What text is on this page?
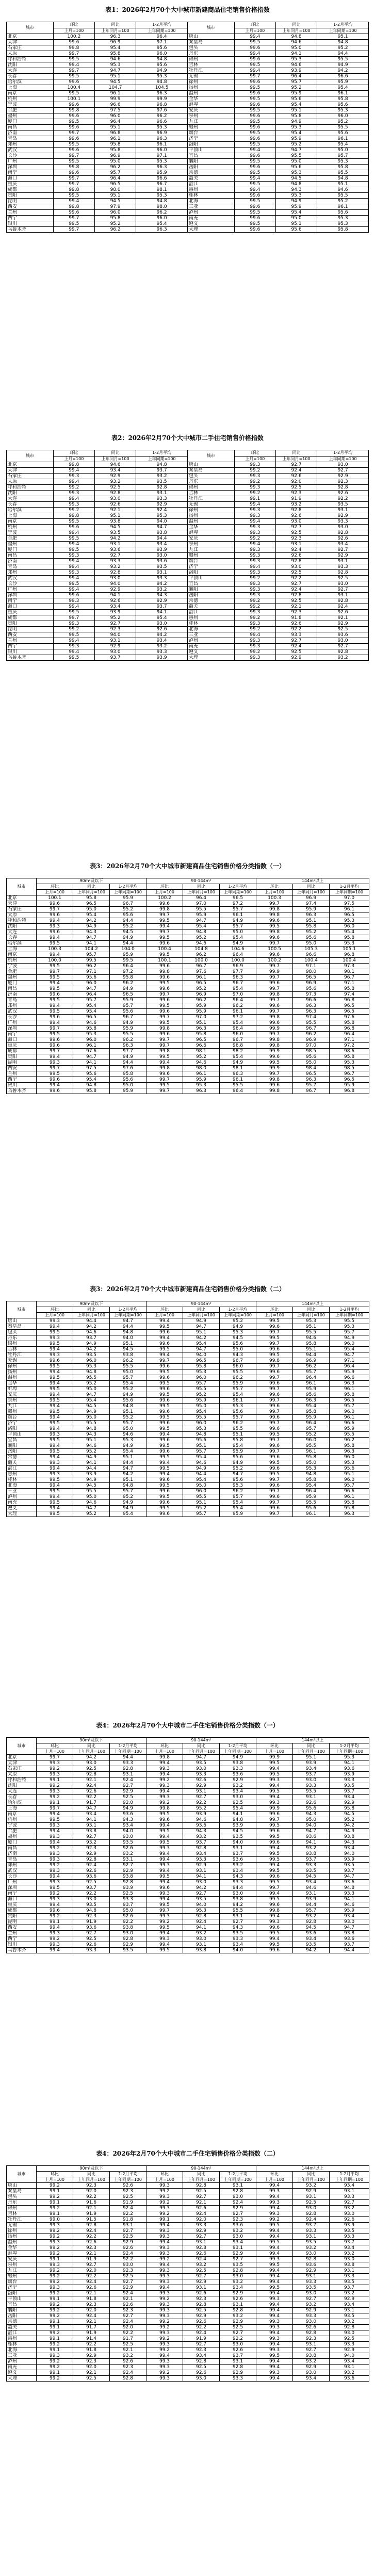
表1：2026年2月70个大中城市新建商品住宅销售价格指数
城市	环比	同比	1-2月平均	城市	环比	同比	1-2月平均
	上月=100	上年同月=100	上年同期=100		上月=100	上年同月=100	上年同期=100
北京	100.2	96.3	96.4	唐山	99.4	94.8	95.1
天津	99.6	96.9	97.1	秦皇岛	99.5	94.6	94.8
石家庄	99.8	95.4	95.6	包头	99.6	95.0	95.2
太原	99.7	95.8	96.0	丹东	99.4	94.1	94.4
呼和浩特	99.5	94.6	94.8	锦州	99.6	95.3	95.5
沈阳	99.4	95.3	95.6	吉林	99.5	94.6	94.9
大连	99.7	94.7	94.9	牡丹江	99.4	93.9	94.2
长春	99.5	95.1	95.3	无锡	99.7	96.4	96.6
哈尔滨	99.6	94.5	94.8	徐州	99.6	95.7	95.9
上海	100.4	104.7	104.5	扬州	99.5	95.2	95.4
南京	99.5	96.1	96.3	温州	99.6	95.9	96.1
杭州	100.1	99.9	99.9	金华	99.5	95.6	95.8
宁波	99.6	96.6	96.8	蚌埠	99.6	95.4	95.6
合肥	99.8	97.5	97.6	安庆	99.5	95.1	95.3
福州	99.6	96.0	96.2	泉州	99.6	95.8	96.0
厦门	99.5	96.4	96.6	九江	99.5	94.9	95.2
南昌	99.6	95.1	95.3	赣州	99.6	95.3	95.5
济南	99.7	96.8	96.9	烟台	99.5	95.4	95.6
青岛	99.6	96.1	96.3	济宁	99.6	95.9	96.1
郑州	99.5	95.8	96.1	洛阳	99.5	95.2	95.4
武汉	99.6	95.8	96.0	平顶山	99.4	94.7	95.0
长沙	99.7	96.9	97.1	宜昌	99.6	95.5	95.7
广州	99.5	95.0	95.3	襄阳	99.5	95.0	95.3
深圳	99.8	96.2	96.3	岳阳	99.6	95.6	95.8
南宁	99.6	95.7	95.9	常德	99.5	95.3	95.5
海口	99.7	96.4	96.6	韶关	99.4	94.5	94.8
重庆	99.7	96.5	96.7	湛江	99.5	94.8	95.1
成都	99.8	98.0	98.1	惠州	99.4	94.3	94.6
贵阳	99.5	95.1	95.3	桂林	99.6	95.3	95.5
昆明	99.4	94.5	94.8	北海	99.5	94.9	95.2
西安	99.8	97.9	98.0	三亚	99.6	95.9	96.1
兰州	99.6	96.0	96.2	泸州	99.5	95.4	95.6
西宁	99.7	95.8	96.0	南充	99.6	95.0	95.3
银川	99.5	95.2	95.4	遵义	99.5	95.1	95.3
乌鲁木齐	99.7	96.2	96.3	大理	99.6	95.6	95.8
表2：2026年2月70个大中城市二手住宅销售价格指数
城市	环比	同比	1-2月平均	城市	环比	同比	1-2月平均
	上月=100	上年同月=100	上年同期=100		上月=100	上年同月=100	上年同期=100
北京	99.8	94.6	94.8	唐山	99.3	92.7	93.0
天津	99.4	93.4	93.7	秦皇岛	99.2	92.4	92.7
石家庄	99.3	92.9	93.2	包头	99.3	92.6	92.9
太原	99.4	93.2	93.5	丹东	99.2	92.0	92.3
呼和浩特	99.2	92.5	92.8	锦州	99.3	92.5	92.8
沈阳	99.3	92.8	93.1	吉林	99.2	92.3	92.6
大连	99.4	93.0	93.3	牡丹江	99.1	91.9	92.2
长春	99.3	92.6	92.9	无锡	99.4	93.2	93.5
哈尔滨	99.2	92.1	92.4	徐州	99.3	92.8	93.1
上海	99.8	95.1	95.3	扬州	99.3	92.6	92.9
南京	99.5	93.8	94.0	温州	99.4	93.0	93.3
杭州	99.6	94.5	94.7	金华	99.3	92.7	93.0
宁波	99.4	93.5	93.8	蚌埠	99.3	92.5	92.8
合肥	99.5	94.2	94.4	安庆	99.2	92.3	92.6
福州	99.4	93.1	93.4	泉州	99.4	93.1	93.4
厦门	99.5	93.6	93.9	九江	99.3	92.4	92.7
南昌	99.3	92.7	93.0	赣州	99.3	92.6	92.9
济南	99.4	93.3	93.6	烟台	99.3	92.8	93.1
青岛	99.4	93.2	93.5	济宁	99.4	93.0	93.3
郑州	99.3	92.8	93.1	洛阳	99.3	92.5	92.8
武汉	99.4	93.0	93.3	平顶山	99.2	92.2	92.5
长沙	99.5	94.0	94.2	宜昌	99.3	92.7	93.0
广州	99.4	92.9	93.2	襄阳	99.3	92.4	92.7
深圳	99.6	94.1	94.3	岳阳	99.3	92.8	93.1
南宁	99.3	92.6	92.9	常德	99.2	92.5	92.8
海口	99.4	93.4	93.7	韶关	99.2	92.1	92.4
重庆	99.5	93.9	94.1	湛江	99.3	92.3	92.6
成都	99.7	95.2	95.4	惠州	99.2	91.8	92.1
贵阳	99.3	92.7	93.0	桂林	99.3	92.6	92.9
昆明	99.2	92.3	92.6	北海	99.2	92.2	92.5
西安	99.5	94.0	94.2	三亚	99.4	93.3	93.6
兰州	99.4	93.1	93.4	泸州	99.3	92.7	93.0
西宁	99.3	92.9	93.2	南充	99.3	92.4	92.7
银川	99.4	93.0	93.3	遵义	99.2	92.5	92.8
乌鲁木齐	99.5	93.7	93.9	大理	99.3	92.9	93.2
表3：2026年2月70个大中城市新建商品住宅销售价格分类指数（一）
城市	90m²及以下			90-144m²			144m²以上		
	环比	同比	1-2月平均	环比	同比	1-2月平均	环比	同比	1-2月平均
	上月=100	上年同月=100	上年同期=100	上月=100	上年同月=100	上年同期=100	上月=100	上年同月=100	上年同期=100
北京	100.1	95.8	95.9	100.2	96.4	96.5	100.3	96.9	97.0
天津	99.6	96.5	96.7	99.6	97.0	97.2	99.7	97.4	97.5
石家庄	99.7	95.0	95.2	99.8	95.5	95.7	99.8	95.9	96.1
太原	99.6	95.4	95.6	99.7	95.9	96.1	99.8	96.3	96.5
呼和浩特	99.4	94.2	94.4	99.5	94.7	94.9	99.6	95.1	95.3
沈阳	99.3	94.9	95.2	99.4	95.4	95.7	99.5	95.8	96.0
大连	99.6	94.3	94.5	99.7	94.8	95.0	99.8	95.2	95.4
长春	99.4	94.7	94.9	99.5	95.2	95.4	99.6	95.6	95.8
哈尔滨	99.5	94.1	94.4	99.6	94.6	94.9	99.7	95.0	95.3
上海	100.3	104.2	104.0	100.4	104.8	104.6	100.5	105.3	105.1
南京	99.4	95.7	95.9	99.5	96.2	96.4	99.6	96.6	96.8
杭州	100.0	99.5	99.5	100.1	100.0	100.0	100.2	100.4	100.4
宁波	99.5	96.2	96.4	99.6	96.7	96.9	99.7	97.1	97.3
合肥	99.7	97.1	97.2	99.8	97.6	97.7	99.9	98.0	98.1
福州	99.5	95.6	95.8	99.6	96.1	96.3	99.7	96.5	96.7
厦门	99.4	96.0	96.2	99.5	96.5	96.7	99.6	96.9	97.1
南昌	99.5	94.7	94.9	99.6	95.2	95.4	99.7	95.6	95.8
济南	99.6	96.4	96.5	99.7	96.9	97.0	99.8	97.3	97.4
青岛	99.5	95.7	95.9	99.6	96.2	96.4	99.7	96.6	96.8
郑州	99.4	95.4	95.7	99.5	95.9	96.2	99.6	96.3	96.5
武汉	99.5	95.4	95.6	99.6	95.9	96.1	99.7	96.3	96.5
长沙	99.6	96.5	96.7	99.7	97.0	97.2	99.8	97.4	97.6
广州	99.4	94.6	94.9	99.5	95.1	95.4	99.6	95.5	95.8
深圳	99.7	95.8	95.9	99.8	96.3	96.4	99.9	96.7	96.8
南宁	99.5	95.3	95.5	99.6	95.8	96.0	99.7	96.2	96.4
海口	99.6	96.0	96.2	99.7	96.5	96.7	99.8	96.9	97.1
重庆	99.6	96.1	96.3	99.7	96.6	96.8	99.8	97.0	97.2
成都	99.7	97.6	97.7	99.8	98.1	98.2	99.9	98.5	98.6
贵阳	99.4	94.7	94.9	99.5	95.2	95.4	99.6	95.6	95.8
昆明	99.3	94.1	94.4	99.4	94.6	94.9	99.5	95.0	95.3
西安	99.7	97.5	97.6	99.8	98.0	98.1	99.9	98.4	98.5
兰州	99.5	95.6	95.8	99.6	96.1	96.3	99.7	96.5	96.7
西宁	99.6	95.4	95.6	99.7	95.9	96.1	99.8	96.3	96.5
银川	99.4	94.8	95.0	99.5	95.3	95.5	99.6	95.7	95.9
乌鲁木齐	99.6	95.8	95.9	99.7	96.3	96.4	99.8	96.7	96.8
表3：2026年2月70个大中城市新建商品住宅销售价格分类指数（二）
城市	90m²及以下			90-144m²			144m²以上		
	环比	同比	1-2月平均	环比	同比	1-2月平均	环比	同比	1-2月平均
	上月=100	上年同月=100	上年同期=100	上月=100	上年同月=100	上年同期=100	上月=100	上年同月=100	上年同期=100
唐山	99.3	94.4	94.7	99.4	94.9	95.2	99.5	95.3	95.5
秦皇岛	99.4	94.2	94.4	99.5	94.7	94.9	99.6	95.1	95.3
包头	99.5	94.6	94.8	99.6	95.1	95.3	99.7	95.5	95.7
丹东	99.3	93.7	94.0	99.4	94.2	94.5	99.5	94.6	94.9
锦州	99.5	94.9	95.1	99.6	95.4	95.6	99.7	95.8	96.0
吉林	99.4	94.2	94.5	99.5	94.7	95.0	99.6	95.1	95.4
牡丹江	99.3	93.5	93.8	99.4	94.0	94.3	99.5	94.4	94.7
无锡	99.6	96.0	96.2	99.7	96.5	96.7	99.8	96.9	97.1
徐州	99.5	95.3	95.5	99.6	95.8	96.0	99.7	96.2	96.4
扬州	99.4	94.8	95.0	99.5	95.3	95.5	99.6	95.7	95.9
温州	99.5	95.5	95.7	99.6	96.0	96.2	99.7	96.4	96.6
金华	99.4	95.2	95.4	99.5	95.7	95.9	99.6	96.1	96.3
蚌埠	99.5	95.0	95.2	99.6	95.5	95.7	99.7	95.9	96.1
安庆	99.4	94.7	94.9	99.5	95.2	95.4	99.6	95.6	95.8
泉州	99.5	95.4	95.6	99.6	95.9	96.1	99.7	96.3	96.5
九江	99.4	94.5	94.8	99.5	95.0	95.3	99.6	95.4	95.7
赣州	99.5	94.9	95.1	99.6	95.4	95.6	99.7	95.8	96.0
烟台	99.4	95.0	95.2	99.5	95.5	95.7	99.6	95.9	96.1
济宁	99.5	95.5	95.7	99.6	96.0	96.2	99.7	96.4	96.6
洛阳	99.4	94.8	95.0	99.5	95.3	95.5	99.6	95.7	95.9
平顶山	99.3	94.3	94.6	99.4	94.8	95.1	99.5	95.2	95.5
宜昌	99.5	95.1	95.3	99.6	95.6	95.8	99.7	96.0	96.2
襄阳	99.4	94.6	94.9	99.5	95.1	95.4	99.6	95.5	95.8
岳阳	99.5	95.2	95.4	99.6	95.7	95.9	99.7	96.1	96.3
常德	99.4	94.9	95.1	99.5	95.4	95.6	99.6	95.8	96.0
韶关	99.3	94.1	94.4	99.4	94.6	94.9	99.5	95.0	95.3
湛江	99.4	94.4	94.7	99.5	94.9	95.2	99.6	95.3	95.6
惠州	99.3	93.9	94.2	99.4	94.4	94.7	99.5	94.8	95.1
桂林	99.5	94.9	95.1	99.6	95.4	95.6	99.7	95.8	96.0
北海	99.4	94.5	94.8	99.5	95.0	95.3	99.6	95.4	95.7
三亚	99.5	95.5	95.7	99.6	96.0	96.2	99.7	96.4	96.6
泸州	99.4	95.0	95.2	99.5	95.5	95.7	99.6	95.9	96.1
南充	99.5	94.6	94.9	99.6	95.1	95.4	99.7	95.5	95.8
遵义	99.4	94.7	94.9	99.5	95.2	95.4	99.6	95.6	95.8
大理	99.5	95.2	95.4	99.6	95.7	95.9	99.7	96.1	96.3
表4：2026年2月70个大中城市二手住宅销售价格分类指数（一）
城市	90m²及以下			90-144m²			144m²以上		
	环比	同比	1-2月平均	环比	同比	1-2月平均	环比	同比	1-2月平均
	上月=100	上年同月=100	上年同期=100	上月=100	上年同月=100	上年同期=100	上月=100	上年同月=100	上年同期=100
北京	99.7	94.2	94.4	99.8	94.7	94.9	99.9	95.1	95.3
天津	99.3	93.0	93.3	99.4	93.5	93.8	99.5	93.9	94.1
石家庄	99.2	92.5	92.8	99.3	93.0	93.3	99.4	93.4	93.6
太原	99.3	92.8	93.1	99.4	93.3	93.6	99.5	93.7	93.9
呼和浩特	99.1	92.1	92.4	99.2	92.6	92.9	99.3	93.0	93.3
沈阳	99.2	92.4	92.7	99.3	92.9	93.2	99.4	93.3	93.5
大连	99.3	92.6	92.9	99.4	93.1	93.4	99.5	93.5	93.7
长春	99.2	92.2	92.5	99.3	92.7	93.0	99.4	93.1	93.4
哈尔滨	99.1	91.7	92.0	99.2	92.2	92.5	99.3	92.6	92.9
上海	99.7	94.7	94.9	99.8	95.2	95.4	99.9	95.6	95.8
南京	99.4	93.4	93.6	99.5	93.9	94.1	99.6	94.3	94.5
杭州	99.5	94.1	94.3	99.6	94.6	94.8	99.7	95.0	95.2
宁波	99.3	93.1	93.4	99.4	93.6	93.9	99.5	94.0	94.2
合肥	99.4	93.8	94.0	99.5	94.3	94.5	99.6	94.7	94.9
福州	99.3	92.7	93.0	99.4	93.2	93.5	99.5	93.6	93.8
厦门	99.4	93.2	93.5	99.5	93.7	94.0	99.6	94.1	94.3
南昌	99.2	92.3	92.6	99.3	92.8	93.1	99.4	93.2	93.4
济南	99.3	92.9	93.2	99.4	93.4	93.7	99.5	93.8	94.0
青岛	99.3	92.8	93.1	99.4	93.3	93.6	99.5	93.7	93.9
郑州	99.2	92.4	92.7	99.3	92.9	93.2	99.4	93.3	93.5
武汉	99.3	92.6	92.9	99.4	93.1	93.4	99.5	93.5	93.7
长沙	99.4	93.6	93.8	99.5	94.1	94.3	99.6	94.5	94.7
广州	99.3	92.5	92.8	99.4	93.0	93.3	99.5	93.4	93.6
深圳	99.5	93.7	93.9	99.6	94.2	94.4	99.7	94.6	94.8
南宁	99.2	92.2	92.5	99.3	92.7	93.0	99.4	93.1	93.3
海口	99.3	93.0	93.3	99.4	93.5	93.8	99.5	93.9	94.1
重庆	99.4	93.5	93.7	99.5	94.0	94.2	99.6	94.4	94.6
成都	99.6	94.8	95.0	99.7	95.3	95.5	99.8	95.7	95.9
贵阳	99.2	92.3	92.6	99.3	92.8	93.1	99.4	93.2	93.4
昆明	99.1	91.9	92.2	99.2	92.4	92.7	99.3	92.8	93.0
西安	99.4	93.6	93.8	99.5	94.1	94.3	99.6	94.5	94.7
兰州	99.3	92.7	93.0	99.4	93.2	93.5	99.5	93.6	93.8
西宁	99.2	92.5	92.8	99.3	93.0	93.3	99.4	93.4	93.6
银川	99.3	92.6	92.9	99.4	93.1	93.4	99.5	93.5	93.7
乌鲁木齐	99.4	93.3	93.5	99.5	93.8	94.0	99.6	94.2	94.4
表4：2026年2月70个大中城市二手住宅销售价格分类指数（二）
城市	90m²及以下			90-144m²			144m²以上		
	环比	同比	1-2月平均	环比	同比	1-2月平均	环比	同比	1-2月平均
	上月=100	上年同月=100	上年同期=100	上月=100	上年同月=100	上年同期=100	上月=100	上年同月=100	上年同期=100
唐山	99.2	92.3	92.6	99.3	92.8	93.1	99.4	93.2	93.4
秦皇岛	99.1	92.0	92.3	99.2	92.5	92.8	99.3	92.9	93.1
包头	99.2	92.2	92.5	99.3	92.7	93.0	99.4	93.1	93.3
丹东	99.1	91.6	91.9	99.2	92.1	92.4	99.3	92.5	92.7
锦州	99.2	92.1	92.4	99.3	92.6	92.9	99.4	93.0	93.2
吉林	99.1	91.9	92.2	99.2	92.4	92.7	99.3	92.8	93.0
牡丹江	99.0	91.5	91.8	99.1	92.0	92.3	99.2	92.4	92.6
无锡	99.3	92.8	93.1	99.4	93.3	93.6	99.5	93.7	93.9
徐州	99.2	92.4	92.7	99.3	92.9	93.2	99.4	93.3	93.5
扬州	99.2	92.2	92.5	99.3	92.7	93.0	99.4	93.1	93.3
温州	99.3	92.6	92.9	99.4	93.1	93.4	99.5	93.5	93.7
金华	99.2	92.3	92.6	99.3	92.8	93.1	99.4	93.2	93.4
蚌埠	99.2	92.1	92.4	99.3	92.6	92.9	99.4	93.0	93.2
安庆	99.1	91.9	92.2	99.2	92.4	92.7	99.3	92.8	93.0
泉州	99.3	92.7	93.0	99.4	93.2	93.5	99.5	93.6	93.8
九江	99.2	92.0	92.3	99.3	92.5	92.8	99.4	92.9	93.1
赣州	99.2	92.2	92.5	99.3	92.7	93.0	99.4	93.1	93.3
烟台	99.2	92.4	92.7	99.3	92.9	93.2	99.4	93.3	93.5
济宁	99.3	92.6	92.9	99.4	93.1	93.4	99.5	93.5	93.7
洛阳	99.2	92.1	92.4	99.3	92.6	92.9	99.4	93.0	93.2
平顶山	99.1	91.8	92.1	99.2	92.3	92.6	99.3	92.7	92.9
宜昌	99.2	92.3	92.6	99.3	92.8	93.1	99.4	93.2	93.4
襄阳	99.2	92.0	92.3	99.3	92.5	92.8	99.4	92.9	93.1
岳阳	99.2	92.4	92.7	99.3	92.9	93.2	99.4	93.3	93.5
常德	99.1	92.1	92.4	99.2	92.6	92.9	99.3	93.0	93.2
韶关	99.1	91.7	92.0	99.2	92.2	92.5	99.3	92.6	92.8
湛江	99.2	91.9	92.2	99.3	92.4	92.7	99.4	92.8	93.0
惠州	99.1	91.4	91.7	99.2	91.9	92.2	99.3	92.3	92.5
桂林	99.2	92.2	92.5	99.3	92.7	93.0	99.4	93.1	93.3
北海	99.1	91.8	92.1	99.2	92.3	92.6	99.3	92.7	92.9
三亚	99.3	92.9	93.2	99.4	93.4	93.7	99.5	93.8	94.0
泸州	99.2	92.3	92.6	99.3	92.8	93.1	99.4	93.2	93.4
南充	99.2	92.0	92.3	99.3	92.5	92.8	99.4	92.9	93.1
遵义	99.1	92.1	92.4	99.2	92.6	92.9	99.3	93.0	93.2
大理	99.2	92.5	92.8	99.3	93.0	93.3	99.4	93.4	93.6
